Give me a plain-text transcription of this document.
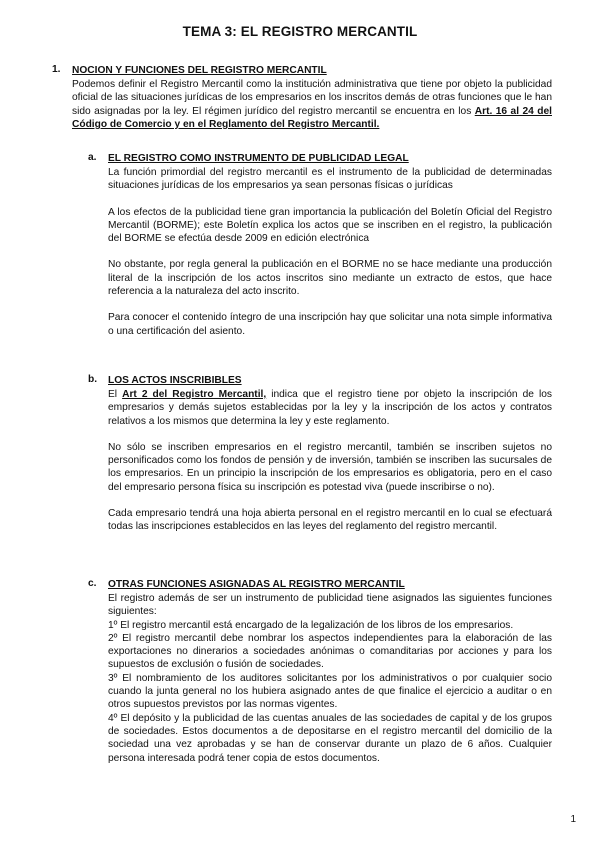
TEMA 3: EL REGISTRO MERCANTIL
1. NOCION Y FUNCIONES DEL REGISTRO MERCANTIL
Podemos definir el Registro Mercantil como la institución administrativa que tiene por objeto la publicidad oficial de las situaciones jurídicas de los empresarios en los inscritos demás de otras funciones que le han sido asignadas por la ley. El régimen jurídico del registro mercantil se encuentra en los Art. 16 al 24 del Código de Comercio y en el Reglamento del Registro Mercantil.
a. EL REGISTRO COMO INSTRUMENTO DE PUBLICIDAD LEGAL
La función primordial del registro mercantil es el instrumento de la publicidad de determinadas situaciones jurídicas de los empresarios ya sean personas físicas o jurídicas
A los efectos de la publicidad tiene gran importancia la publicación del Boletín Oficial del Registro Mercantil (BORME); este Boletín explica los actos que se inscriben en el registro, la publicación del BORME se efectúa desde 2009 en edición electrónica
No obstante, por regla general la publicación en el BORME no se hace mediante una producción literal de la inscripción de los actos inscritos sino mediante un extracto de estos, que hace referencia a la naturaleza del acto inscrito.
Para conocer el contenido íntegro de una inscripción hay que solicitar una nota simple informativa o una certificación del asiento.
b. LOS ACTOS INSCRIBIBLES
El Art 2 del Registro Mercantil, indica que el registro tiene por objeto la inscripción de los empresarios y demás sujetos establecidas por la ley y la inscripción de los actos y contratos relativos a los mismos que determina la ley y este reglamento.
No sólo se inscriben empresarios en el registro mercantil, también se inscriben sujetos no personificados como los fondos de pensión y de inversión, también se inscriben las sucursales de los empresarios. En un principio la inscripción de los empresarios es obligatoria, pero en el caso del empresario persona física su inscripción es potestad viva (puede inscribirse o no).
Cada empresario tendrá una hoja abierta personal en el registro mercantil en lo cual se efectuará todas las inscripciones establecidos en las leyes del reglamento del registro mercantil.
c. OTRAS FUNCIONES ASIGNADAS AL REGISTRO MERCANTIL
El registro además de ser un instrumento de publicidad tiene asignados las siguientes funciones siguientes:
1º El registro mercantil está encargado de la legalización de los libros de los empresarios.
2º El registro mercantil debe nombrar los aspectos independientes para la elaboración de las exportaciones no dinerarios a sociedades anónimas o comanditarias por acciones y para los supuestos de exclusión o fusión de sociedades.
3º El nombramiento de los auditores solicitantes por los administrativos o por cualquier socio cuando la junta general no los hubiera asignado antes de que finalice el ejercicio a auditar o en otros supuestos previstos por las normas vigentes.
4º El depósito y la publicidad de las cuentas anuales de las sociedades de capital y de los grupos de sociedades. Estos documentos a de depositarse en el registro mercantil del domicilio de la sociedad una vez aprobadas y se han de conservar durante un plazo de 6 años. Cualquier persona interesada podrá tener copia de estos documentos.
1
